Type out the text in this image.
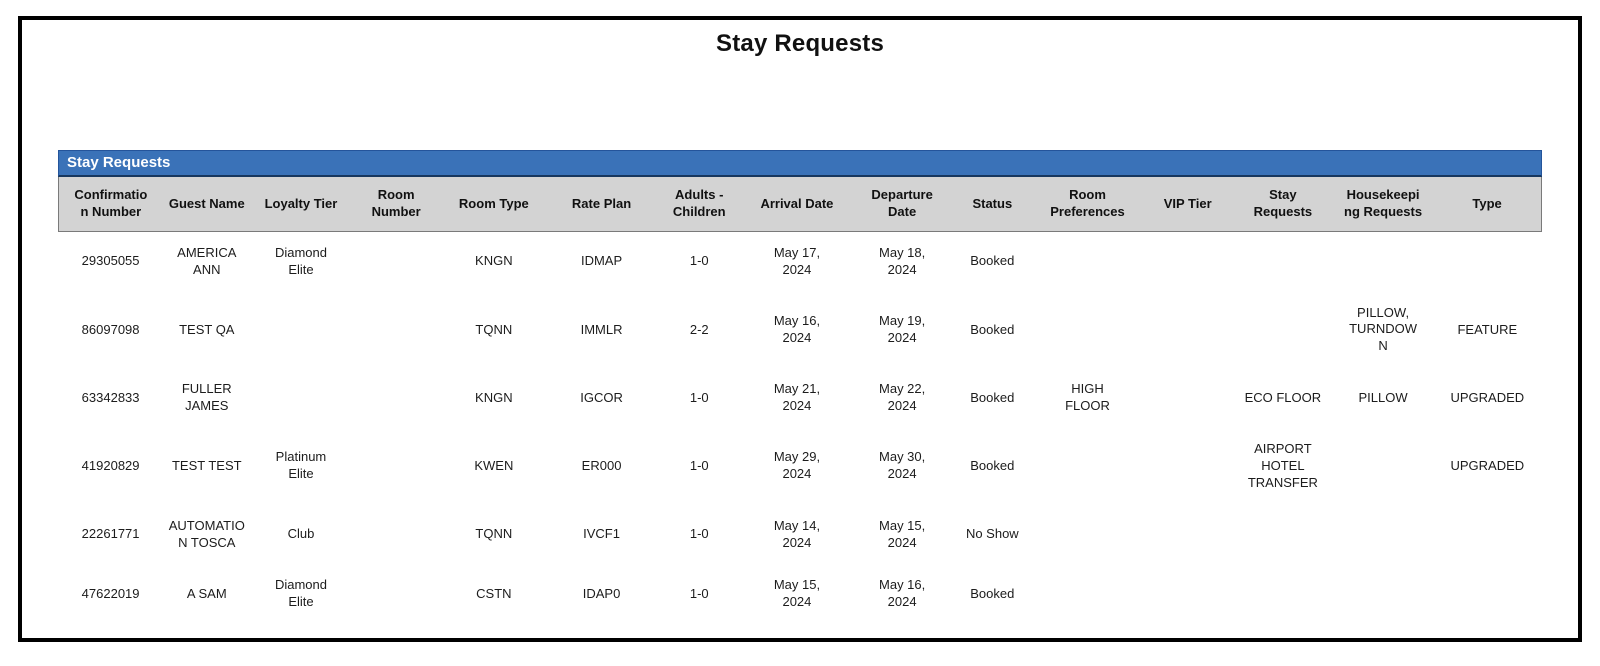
Stay Requests
Stay Requests
Confirmation Number	Guest Name	Loyalty Tier	Room Number	Room Type	Rate Plan	Adults - Children	Arrival Date	Departure Date	Status	Room Preferences	VIP Tier	Stay Requests	Housekeeping Requests	Type
29305055	AMERICA ANN	Diamond Elite		KNGN	IDMAP	1-0	May 17, 2024	May 18, 2024	Booked					
86097098	TEST QA			TQNN	IMMLR	2-2	May 16, 2024	May 19, 2024	Booked				PILLOW, TURNDOWN	FEATURE
63342833	FULLER JAMES			KNGN	IGCOR	1-0	May 21, 2024	May 22, 2024	Booked	HIGH FLOOR		ECO FLOOR	PILLOW	UPGRADED
41920829	TEST TEST	Platinum Elite		KWEN	ER000	1-0	May 29, 2024	May 30, 2024	Booked			AIRPORT HOTEL TRANSFER		UPGRADED
22261771	AUTOMATION TOSCA	Club		TQNN	IVCF1	1-0	May 14, 2024	May 15, 2024	No Show					
47622019	A SAM	Diamond Elite		CSTN	IDAP0	1-0	May 15, 2024	May 16, 2024	Booked					
